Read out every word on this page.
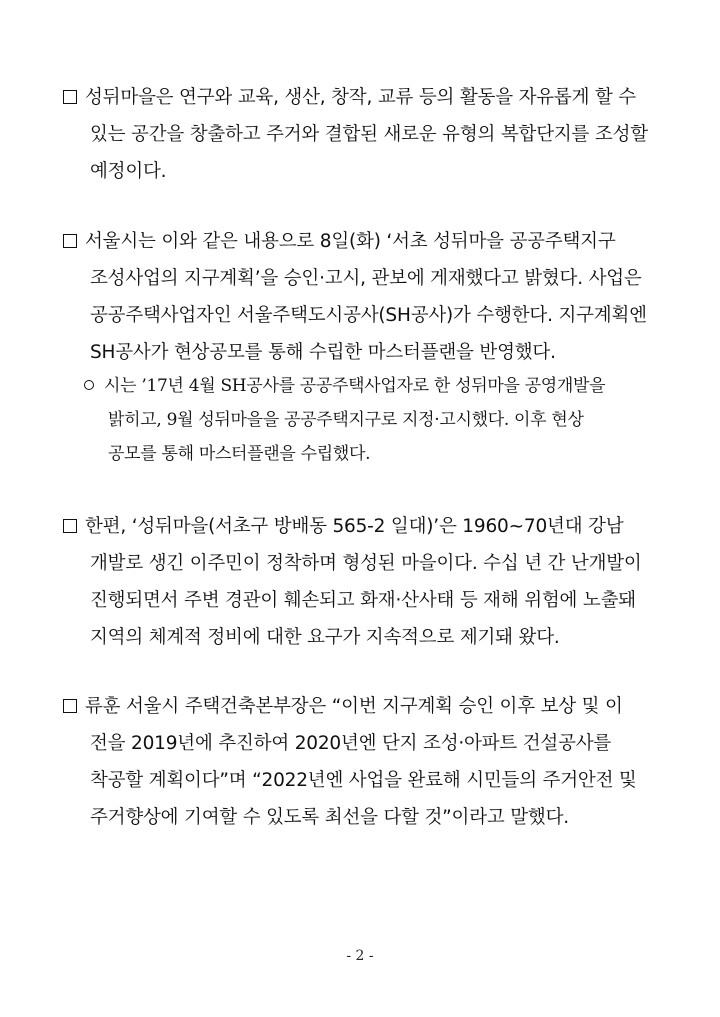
성뒤마을은 연구와 교육, 생산, 창작, 교류 등의 활동을 자유롭게 할 수
있는 공간을 창출하고 주거와 결합된 새로운 유형의 복합단지를 조성할
예정이다.
서울시는 이와 같은 내용으로 8일(화) ‘서초 성뒤마을 공공주택지구
조성사업의 지구계획’을 승인·고시, 관보에 게재했다고 밝혔다. 사업은
공공주택사업자인 서울주택도시공사(SH공사)가 수행한다. 지구계획엔
SH공사가 현상공모를 통해 수립한 마스터플랜을 반영했다.
시는 ’17년 4월 SH공사를 공공주택사업자로 한 성뒤마을 공영개발을
밝히고, 9월 성뒤마을을 공공주택지구로 지정·고시했다. 이후 현상
공모를 통해 마스터플랜을 수립했다.
한편, ‘성뒤마을(서초구 방배동 565-2 일대)’은 1960~70년대 강남
개발로 생긴 이주민이 정착하며 형성된 마을이다. 수십 년 간 난개발이
진행되면서 주변 경관이 훼손되고 화재·산사태 등 재해 위험에 노출돼
지역의 체계적 정비에 대한 요구가 지속적으로 제기돼 왔다.
류훈 서울시 주택건축본부장은 “이번 지구계획 승인 이후 보상 및 이
전을 2019년에 추진하여 2020년엔 단지 조성·아파트 건설공사를
착공할 계획이다”며 “2022년엔 사업을 완료해 시민들의 주거안전 및
주거향상에 기여할 수 있도록 최선을 다할 것”이라고 말했다.
- 2 -
